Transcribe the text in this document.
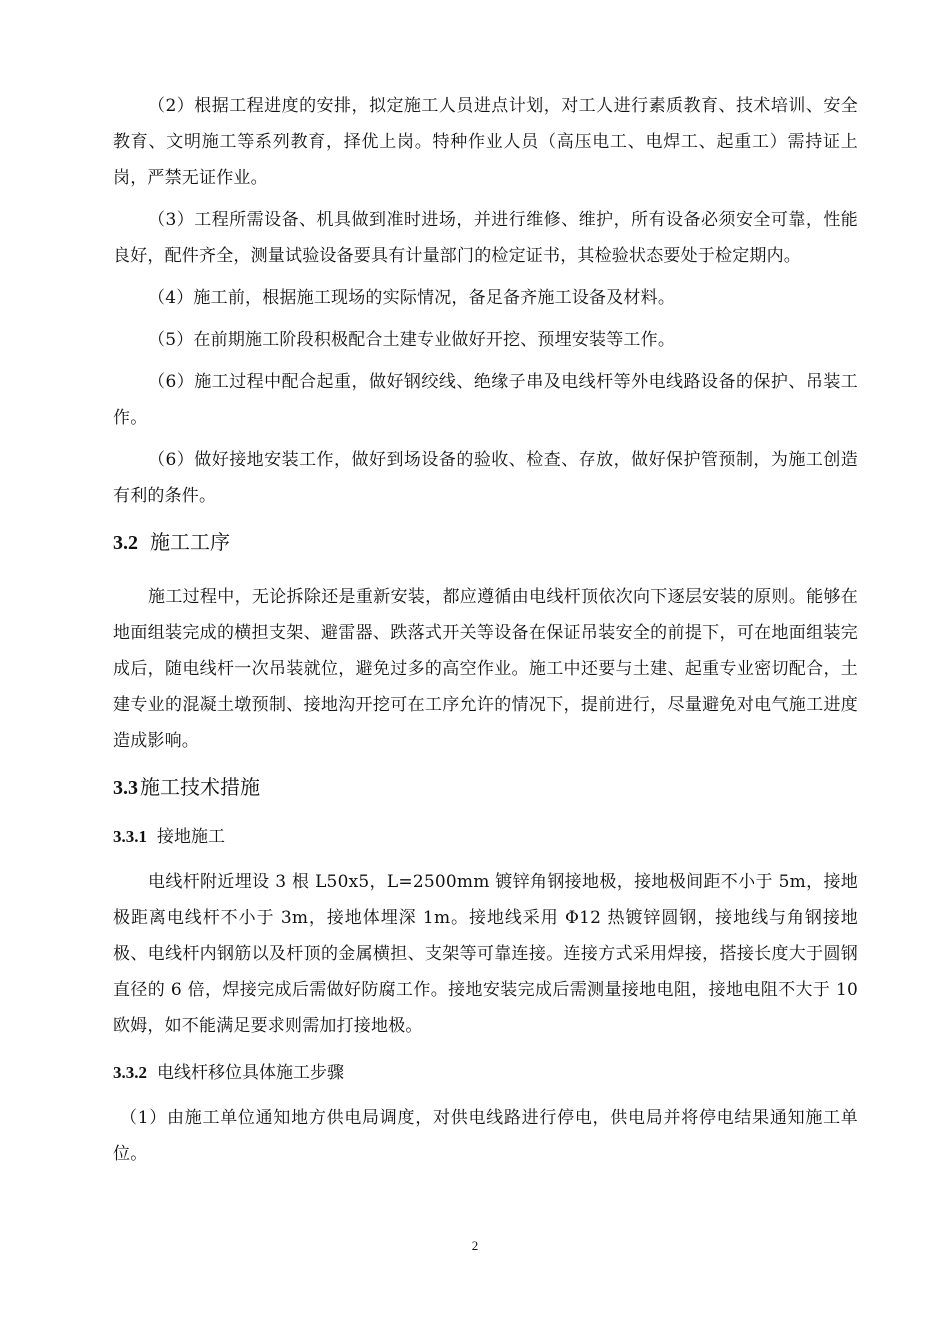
（2）根据工程进度的安排，拟定施工人员进点计划，对工人进行素质教育、技术培训、安全教育、文明施工等系列教育，择优上岗。特种作业人员（高压电工、电焊工、起重工）需持证上岗，严禁无证作业。

（3）工程所需设备、机具做到准时进场，并进行维修、维护，所有设备必须安全可靠，性能良好，配件齐全，测量试验设备要具有计量部门的检定证书，其检验状态要处于检定期内。

（4）施工前，根据施工现场的实际情况，备足备齐施工设备及材料。

（5）在前期施工阶段积极配合土建专业做好开挖、预埋安装等工作。

（6）施工过程中配合起重，做好钢绞线、绝缘子串及电线杆等外电线路设备的保护、吊装工作。

（6）做好接地安装工作，做好到场设备的验收、检查、存放，做好保护管预制，为施工创造有利的条件。

3.2 施工工序

施工过程中，无论拆除还是重新安装，都应遵循由电线杆顶依次向下逐层安装的原则。能够在地面组装完成的横担支架、避雷器、跌落式开关等设备在保证吊装安全的前提下，可在地面组装完成后，随电线杆一次吊装就位，避免过多的高空作业。施工中还要与土建、起重专业密切配合，土建专业的混凝土墩预制、接地沟开挖可在工序允许的情况下，提前进行，尽量避免对电气施工进度造成影响。

3.3 施工技术措施
3.3.1 接地施工

电线杆附近埋设 3 根 L50x5，L=2500mm 镀锌角钢接地极，接地极间距不小于 5m，接地极距离电线杆不小于 3m，接地体埋深 1m。接地线采用 Φ12 热镀锌圆钢，接地线与角钢接地极、电线杆内钢筋以及杆顶的金属横担、支架等可靠连接。连接方式采用焊接，搭接长度大于圆钢直径的 6 倍，焊接完成后需做好防腐工作。接地安装完成后需测量接地电阻，接地电阻不大于 10 欧姆，如不能满足要求则需加打接地极。

3.3.2 电线杆移位具体施工步骤

（1）由施工单位通知地方供电局调度，对供电线路进行停电，供电局并将停电结果通知施工单位。

2
